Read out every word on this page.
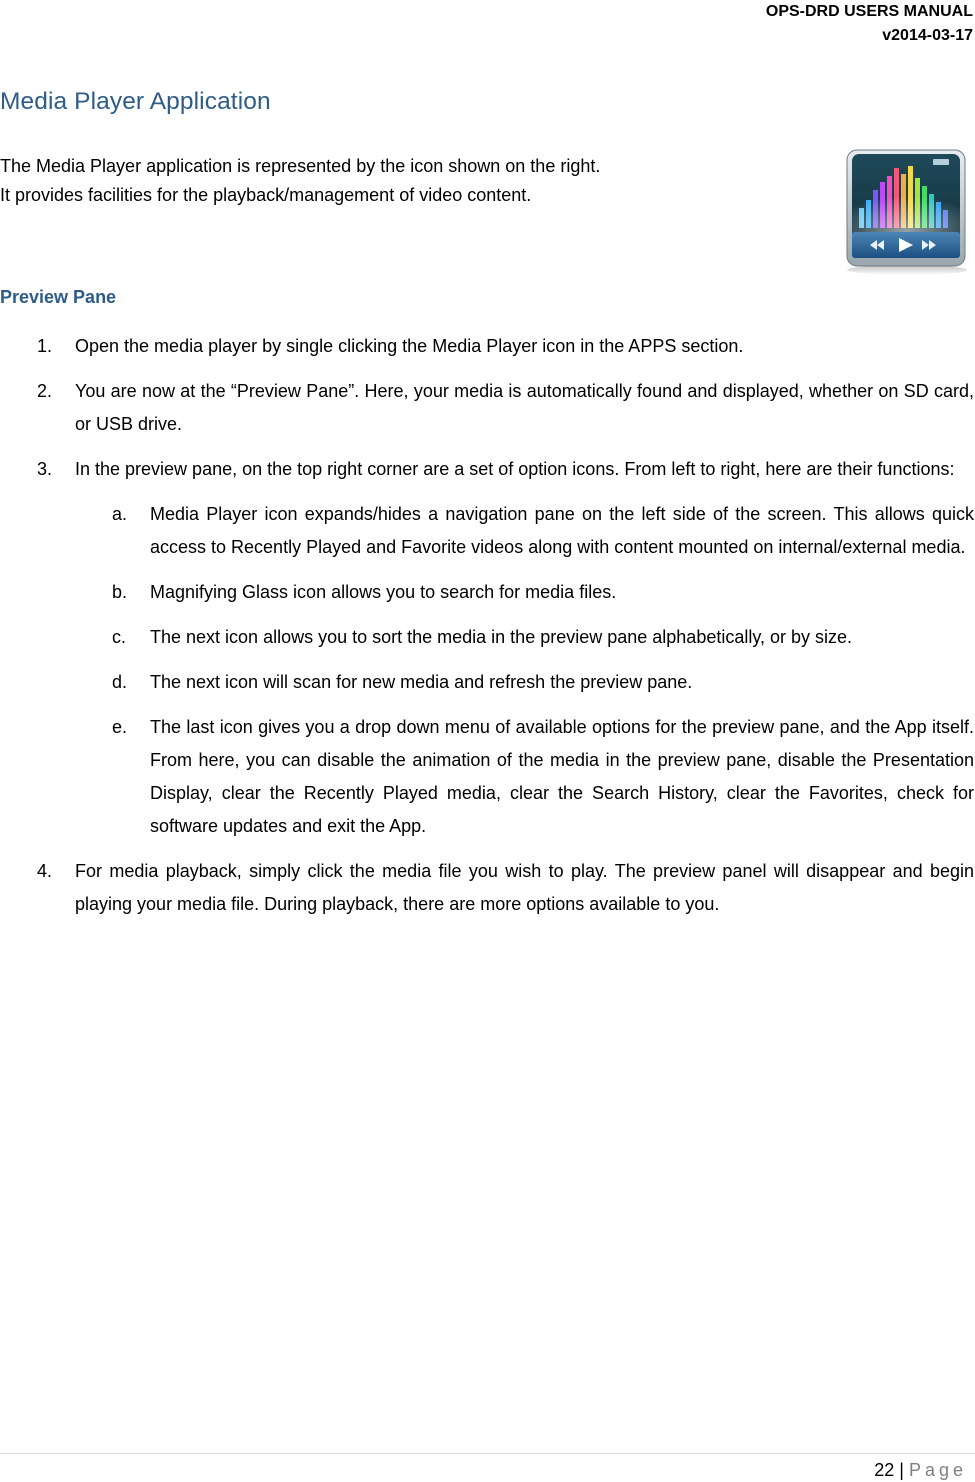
OPS-DRD USERS MANUAL
v2014-03-17
Media Player Application

The Media Player application is represented by the icon shown on the right.

It provides facilities for the playback/management of video content.

Preview Pane
1. Open the media player by single clicking the Media Player icon in the APPS section.
2. You are now at the “Preview Pane”. Here, your media is automatically found and displayed, whether on SD card, or USB drive.
3. In the preview pane, on the top right corner are a set of option icons. From left to right, here are their functions:
a. Media Player icon expands/hides a navigation pane on the left side of the screen. This allows quick access to Recently Played and Favorite videos along with content mounted on internal/external media.
b. Magnifying Glass icon allows you to search for media files.
c. The next icon allows you to sort the media in the preview pane alphabetically, or by size.
d. The next icon will scan for new media and refresh the preview pane.
e. The last icon gives you a drop down menu of available options for the preview pane, and the App itself. From here, you can disable the animation of the media in the preview pane, disable the Presentation Display, clear the Recently Played media, clear the Search History, clear the Favorites, check for software updates and exit the App.
4. For media playback, simply click the media file you wish to play. The preview panel will disappear and begin playing your media file. During playback, there are more options available to you.
22 | Page
